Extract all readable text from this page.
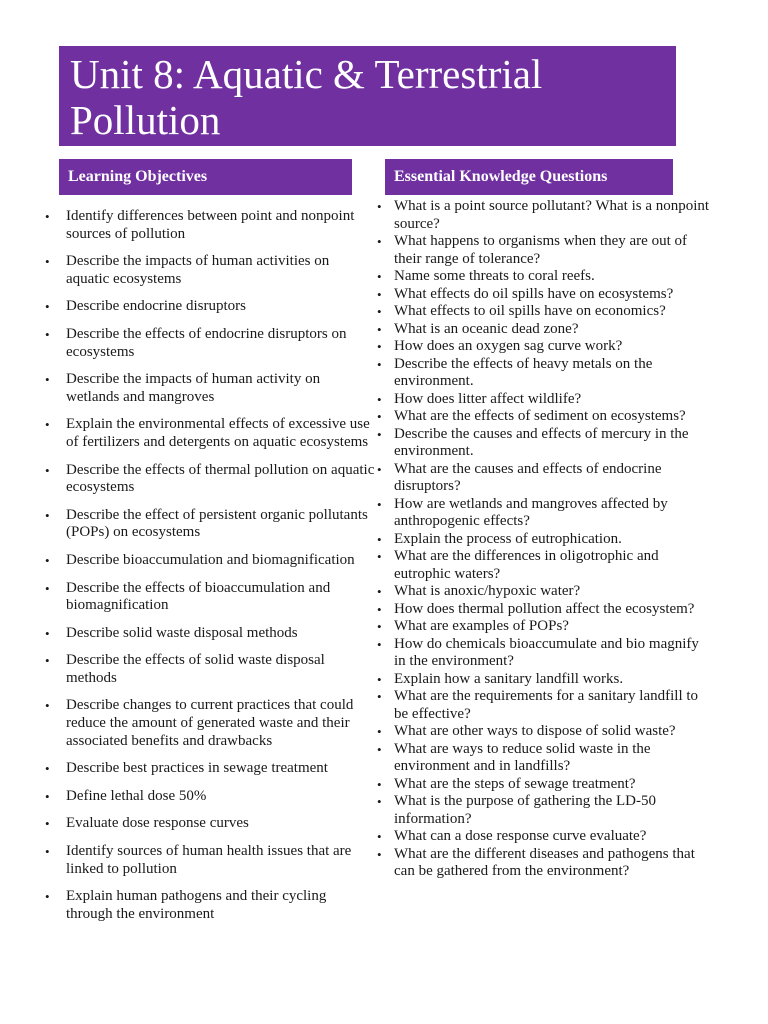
Unit 8: Aquatic & Terrestrial
Pollution
Learning Objectives	Essential Knowledge Questions
• Identify differences between point and nonpoint sources of pollution
• Describe the impacts of human activities on aquatic ecosystems
• Describe endocrine disruptors
• Describe the effects of endocrine disruptors on ecosystems
• Describe the impacts of human activity on wetlands and mangroves
• Explain the environmental effects of excessive use of fertilizers and detergents on aquatic ecosystems
• Describe the effects of thermal pollution on aquatic ecosystems
• Describe the effect of persistent organic pollutants (POPs) on ecosystems
• Describe bioaccumulation and biomagnification
• Describe the effects of bioaccumulation and biomagnification
• Describe solid waste disposal methods
• Describe the effects of solid waste disposal methods
• Describe changes to current practices that could reduce the amount of generated waste and their associated benefits and drawbacks
• Describe best practices in sewage treatment
• Define lethal dose 50%
• Evaluate dose response curves
• Identify sources of human health issues that are linked to pollution
• Explain human pathogens and their cycling through the environment
• What is a point source pollutant? What is a nonpoint source?
• What happens to organisms when they are out of their range of tolerance?
• Name some threats to coral reefs.
• What effects do oil spills have on ecosystems?
• What effects to oil spills have on economics?
• What is an oceanic dead zone?
• How does an oxygen sag curve work?
• Describe the effects of heavy metals on the environment.
• How does litter affect wildlife?
• What are the effects of sediment on ecosystems?
• Describe the causes and effects of mercury in the environment.
• What are the causes and effects of endocrine disruptors?
• How are wetlands and mangroves affected by anthropogenic effects?
• Explain the process of eutrophication.
• What are the differences in oligotrophic and eutrophic waters?
• What is anoxic/hypoxic water?
• How does thermal pollution affect the ecosystem?
• What are examples of POPs?
• How do chemicals bioaccumulate and bio magnify in the environment?
• Explain how a sanitary landfill works.
• What are the requirements for a sanitary landfill to be effective?
• What are other ways to dispose of solid waste?
• What are ways to reduce solid waste in the environment and in landfills?
• What are the steps of sewage treatment?
• What is the purpose of gathering the LD-50 information?
• What can a dose response curve evaluate?
• What are the different diseases and pathogens that can be gathered from the environment?
